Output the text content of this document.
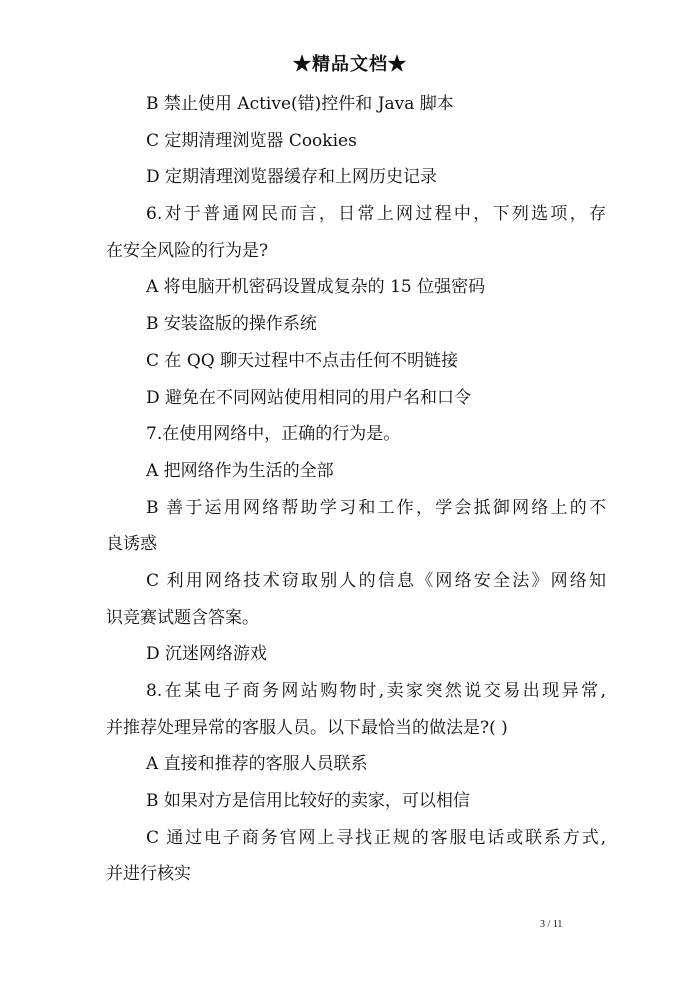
★精品文档★
B 禁止使用 Active(错)控件和 Java 脚本
C 定期清理浏览器 Cookies
D 定期清理浏览器缓存和上网历史记录
6.对于普通网民而言，日常上网过程中，下列选项，存
在安全风险的行为是?
A 将电脑开机密码设置成复杂的 15 位强密码
B 安装盗版的操作系统
C 在 QQ 聊天过程中不点击任何不明链接
D 避免在不同网站使用相同的用户名和口令
7.在使用网络中，正确的行为是。
A 把网络作为生活的全部
B 善于运用网络帮助学习和工作，学会抵御网络上的不
良诱惑
C 利用网络技术窃取别人的信息《网络安全法》网络知
识竞赛试题含答案。
D 沉迷网络游戏
8.在某电子商务网站购物时,卖家突然说交易出现异常,
并推荐处理异常的客服人员。以下最恰当的做法是?( )
A 直接和推荐的客服人员联系
B 如果对方是信用比较好的卖家，可以相信
C 通过电子商务官网上寻找正规的客服电话或联系方式,
并进行核实
3 / 11
